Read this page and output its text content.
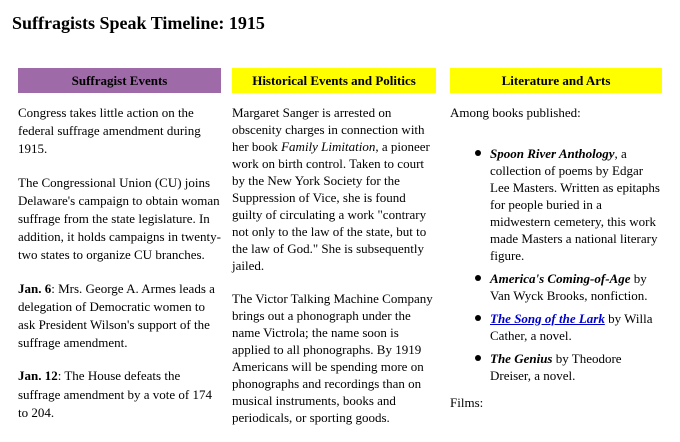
Suffragists Speak Timeline: 1915
Suffragist Events

Congress takes little action on the federal suffrage amendment during 1915.

The Congressional Union (CU) joins Delaware's campaign to obtain woman suffrage from the state legislature. In addition, it holds campaigns in twenty-two states to organize CU branches.

Jan. 6: Mrs. George A. Armes leads a delegation of Democratic women to ask President Wilson's support of the suffrage amendment.

Jan. 12: The House defeats the suffrage amendment by a vote of 174 to 204.

Historical Events and Politics

Margaret Sanger is arrested on obscenity charges in connection with her book Family Limitation, a pioneer work on birth control. Taken to court by the New York Society for the Suppression of Vice, she is found guilty of circulating a work "contrary not only to the law of the state, but to the law of God." She is subsequently jailed.

The Victor Talking Machine Company brings out a phonograph under the name Victrola; the name soon is applied to all phonographs. By 1919 Americans will be spending more on phonographs and recordings than on musical instruments, books and periodicals, or sporting goods.

Literature and Arts
Among books published:
Spoon River Anthology, a collection of poems by Edgar Lee Masters. Written as epitaphs for people buried in a midwestern cemetery, this work made Masters a national literary figure.
America's Coming-of-Age by Van Wyck Brooks, nonfiction.
The Song of the Lark by Willa Cather, a novel.
The Genius by Theodore Dreiser, a novel.
Films:
